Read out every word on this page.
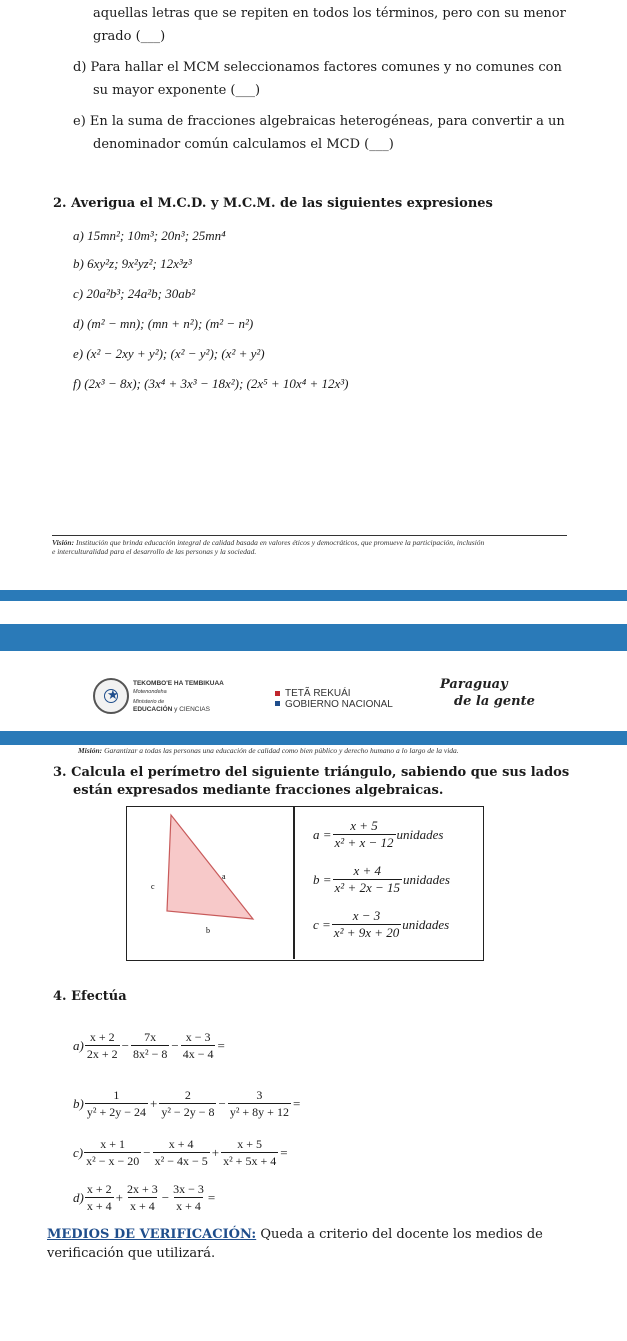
aquellas letras que se repiten en todos los términos, pero con su menor
grado (___)
d) Para hallar el MCM seleccionamos factores comunes y no comunes con
su mayor exponente (___)
e) En la suma de fracciones algebraicas heterogéneas, para convertir a un
denominador común calculamos el MCD (___)
2. Averigua el M.C.D. y M.C.M. de las siguientes expresiones
a) 15mn²; 10m³; 20n³; 25mn⁴
b) 6xy²z; 9x²yz²; 12x³z³
c) 20a²b³; 24a²b; 30ab²
d) (m² − mn); (mn + n²); (m² − n²)
e) (x² − 2xy + y²); (x² − y²); (x² + y²)
f) (2x³ − 8x); (3x⁴ + 3x³ − 18x²); (2x⁵ + 10x⁴ + 12x³)
Visión: Institución que brinda educación integral de calidad basada en valores éticos y democráticos, que promueve la participación, inclusión
e interculturalidad para el desarrollo de las personas y la sociedad.
★
TEKOMBO'E HA TEMBIKUAA
Motenondeha
Ministerio de
EDUCACIÓN y CIENCIAS
TETÃ REKUÁI
GOBIERNO NACIONAL
Paraguay
de la gente
Misión: Garantizar a todas las personas una educación de calidad como bien público y derecho humano a lo largo de la vida.
3. Calcula el perímetro del siguiente triángulo, sabiendo que sus lados
están expresados mediante fracciones algebraicas.
a
c
b
$a = \frac{x + 5}{\text{x² + x − 12}}$ unidades
$b = \frac{x + 4}{\text{x² + 2x − 15}}$ unidades
$c = \frac{x - 3}{\text{x² + 9x + 20}}$ unidades
4. Efectúa
$a) \frac{x + 2}{2x + 2} - \frac{7x}{\text{8x² − 8}} - \frac{x - 3}{4x - 4}$ =
$b) \frac{1}{\text{y² + 2y − 24}} + \frac{2}{\text{y² − 2y − 8}} - \frac{3}{\text{y² + 8y + 12}}$ =
$c) \frac{x + 1}{\text{x² − x − 20}} - \frac{x + 4}{\text{x² − 4x − 5}} + \frac{x + 5}{\text{x² + 5x + 4}}$ =
$d) \frac{x + 2}{x + 4} + \frac{2x + 3}{x + 4} - \frac{3x - 3}{x + 4}$ =
MEDIOS DE VERIFICACIÓN: Queda a criterio del docente los medios de
verificación que utilizará.
